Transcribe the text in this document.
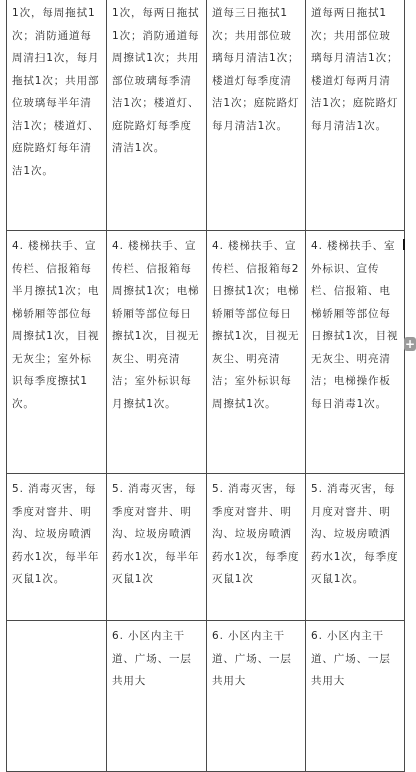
1次，每周拖拭1次；消防通道每周清扫1次，每月拖拭1次；共用部位玻璃每半年清洁1次；楼道灯、庭院路灯每年清洁1次。	1次，每两日拖拭1次；消防通道每周擦试1次；共用部位玻璃每季清洁1次；楼道灯、庭院路灯每季度清洁1次。	道每三日拖拭1次；共用部位玻璃每月清洁1次；楼道灯每季度清洁1次；庭院路灯每月清洁1次。	道每两日拖拭1次；共用部位玻璃每月清洁1次；楼道灯每两月清洁1次；庭院路灯每月清洁1次。
4. 楼梯扶手、宣传栏、信报箱每半月擦拭1次；电梯轿厢等部位每周擦拭1次，目视无灰尘；室外标识每季度擦拭1次。	4. 楼梯扶手、宣传栏、信报箱每周擦拭1次；电梯轿厢等部位每日擦拭1次，目视无灰尘、明亮清洁；室外标识每月擦拭1次。	4. 楼梯扶手、宣传栏、信报箱每2日擦拭1次；电梯轿厢等部位每日擦拭1次，目视无灰尘、明亮清洁；室外标识每周擦拭1次。	4. 楼梯扶手、室外标识、宣传栏、信报箱、电梯轿厢等部位每日擦拭1次，目视无灰尘、明亮清洁；电梯操作板每日消毒1次。
5. 消毒灭害，每季度对窨井、明沟、垃圾房喷洒药水1次，每半年灭鼠1次。	5. 消毒灭害，每季度对窨井、明沟、垃圾房喷洒药水1次，每半年灭鼠1次	5. 消毒灭害，每季度对窨井、明沟、垃圾房喷洒药水1次，每季度灭鼠1次	5. 消毒灭害，每月度对窨井、明沟、垃圾房喷洒药水1次，每季度灭鼠1次。
	6. 小区内主干道、广场、一层共用大	6. 小区内主干道、广场、一层共用大	6. 小区内主干道、广场、一层共用大
+
